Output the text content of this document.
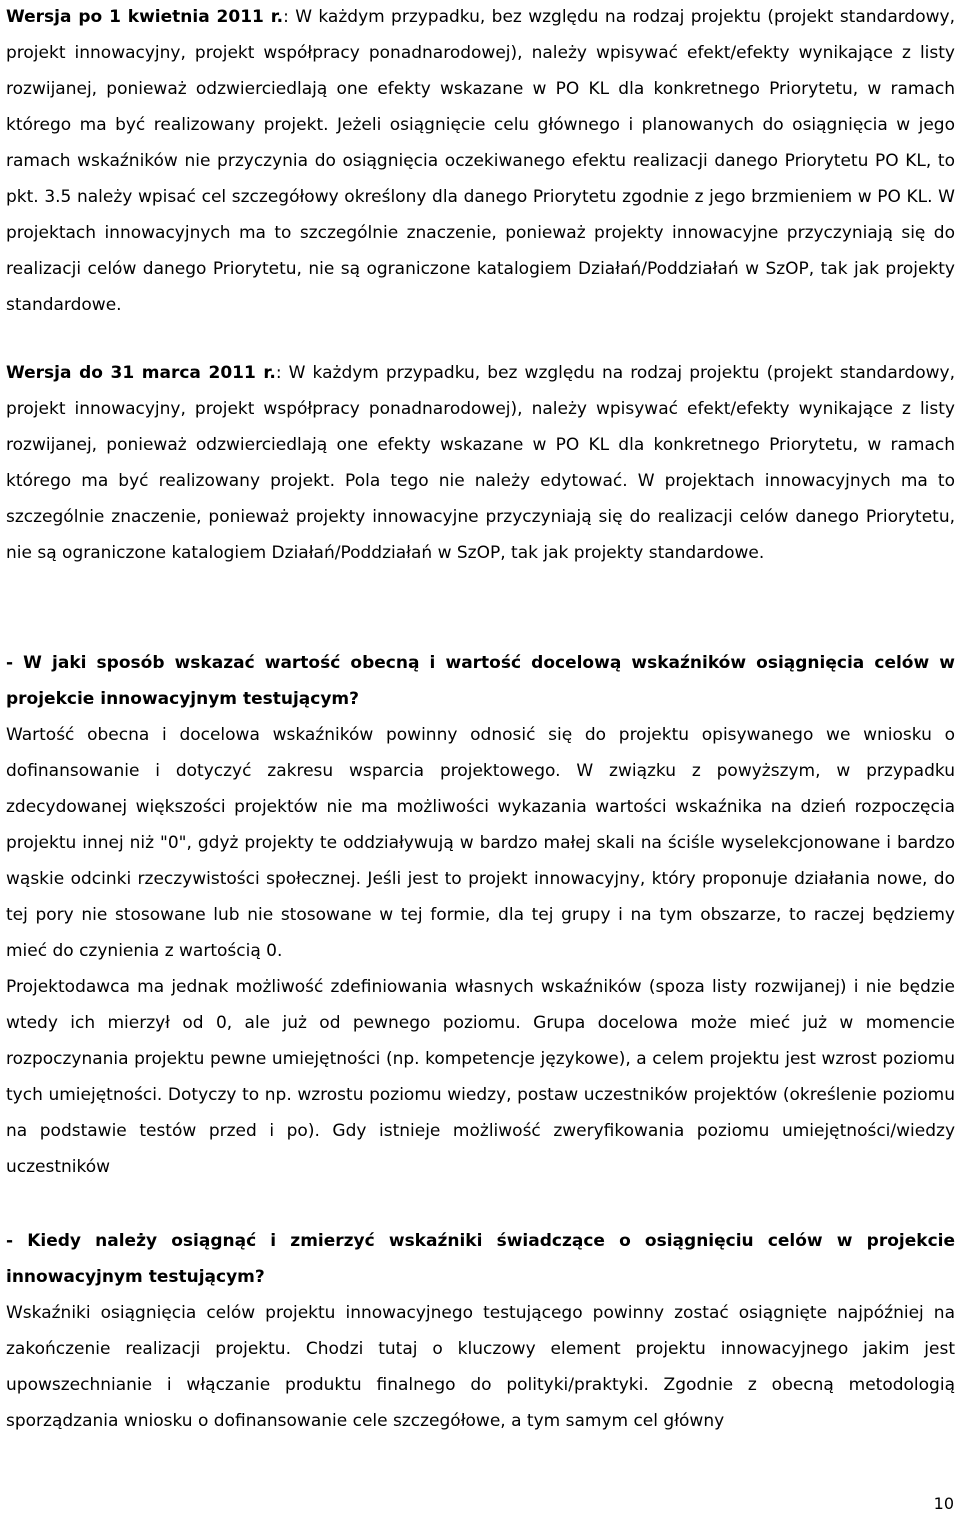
Wersja po 1 kwietnia 2011 r.: W każdym przypadku, bez względu na rodzaj projektu (projekt standardowy, projekt innowacyjny, projekt współpracy ponadnarodowej), należy wpisywać efekt/efekty wynikające z listy rozwijanej, ponieważ odzwierciedlają one efekty wskazane w PO KL dla konkretnego Priorytetu, w ramach którego ma być realizowany projekt. Jeżeli osiągnięcie celu głównego i planowanych do osiągnięcia w jego ramach wskaźników nie przyczynia do osiągnięcia oczekiwanego efektu realizacji danego Priorytetu PO KL, to pkt. 3.5 należy wpisać cel szczegółowy określony dla danego Priorytetu zgodnie z jego brzmieniem w PO KL. W projektach innowacyjnych ma to szczególnie znaczenie, ponieważ projekty innowacyjne przyczyniają się do realizacji celów danego Priorytetu, nie są ograniczone katalogiem Działań/Poddziałań w SzOP, tak jak projekty standardowe.
Wersja do 31 marca 2011 r.: W każdym przypadku, bez względu na rodzaj projektu (projekt standardowy, projekt innowacyjny, projekt współpracy ponadnarodowej), należy wpisywać efekt/efekty wynikające z listy rozwijanej, ponieważ odzwierciedlają one efekty wskazane w PO KL dla konkretnego Priorytetu, w ramach którego ma być realizowany projekt. Pola tego nie należy edytować. W projektach innowacyjnych ma to szczególnie znaczenie, ponieważ projekty innowacyjne przyczyniają się do realizacji celów danego Priorytetu, nie są ograniczone katalogiem Działań/Poddziałań w SzOP, tak jak projekty standardowe.
- W jaki sposób wskazać wartość obecną i wartość docelową wskaźników osiągnięcia celów w projekcie innowacyjnym testującym?
Wartość obecna i docelowa wskaźników powinny odnosić się do projektu opisywanego we wniosku o dofinansowanie i dotyczyć zakresu wsparcia projektowego. W związku z powyższym, w przypadku zdecydowanej większości projektów nie ma możliwości wykazania wartości wskaźnika na dzień rozpoczęcia projektu innej niż "0", gdyż projekty te oddziaływują w bardzo małej skali na ściśle wyselekcjonowane i bardzo wąskie odcinki rzeczywistości społecznej. Jeśli jest to projekt innowacyjny, który proponuje działania nowe, do tej pory nie stosowane lub nie stosowane w tej formie, dla tej grupy i na tym obszarze, to raczej będziemy mieć do czynienia z wartością 0.
Projektodawca ma jednak możliwość zdefiniowania własnych wskaźników (spoza listy rozwijanej) i nie będzie wtedy ich mierzył od 0, ale już od pewnego poziomu. Grupa docelowa może mieć już w momencie rozpoczynania projektu pewne umiejętności (np. kompetencje językowe), a celem projektu jest wzrost poziomu tych umiejętności. Dotyczy to np. wzrostu poziomu wiedzy, postaw uczestników projektów (określenie poziomu na podstawie testów przed i po). Gdy istnieje możliwość zweryfikowania poziomu umiejętności/wiedzy uczestników
- Kiedy należy osiągnąć i zmierzyć wskaźniki świadczące o osiągnięciu celów w projekcie innowacyjnym testującym?
Wskaźniki osiągnięcia celów projektu innowacyjnego testującego powinny zostać osiągnięte najpóźniej na zakończenie realizacji projektu. Chodzi tutaj o kluczowy element projektu innowacyjnego jakim jest upowszechnianie i włączanie produktu finalnego do polityki/praktyki. Zgodnie z obecną metodologią sporządzania wniosku o dofinansowanie cele szczegółowe, a tym samym cel główny
10
